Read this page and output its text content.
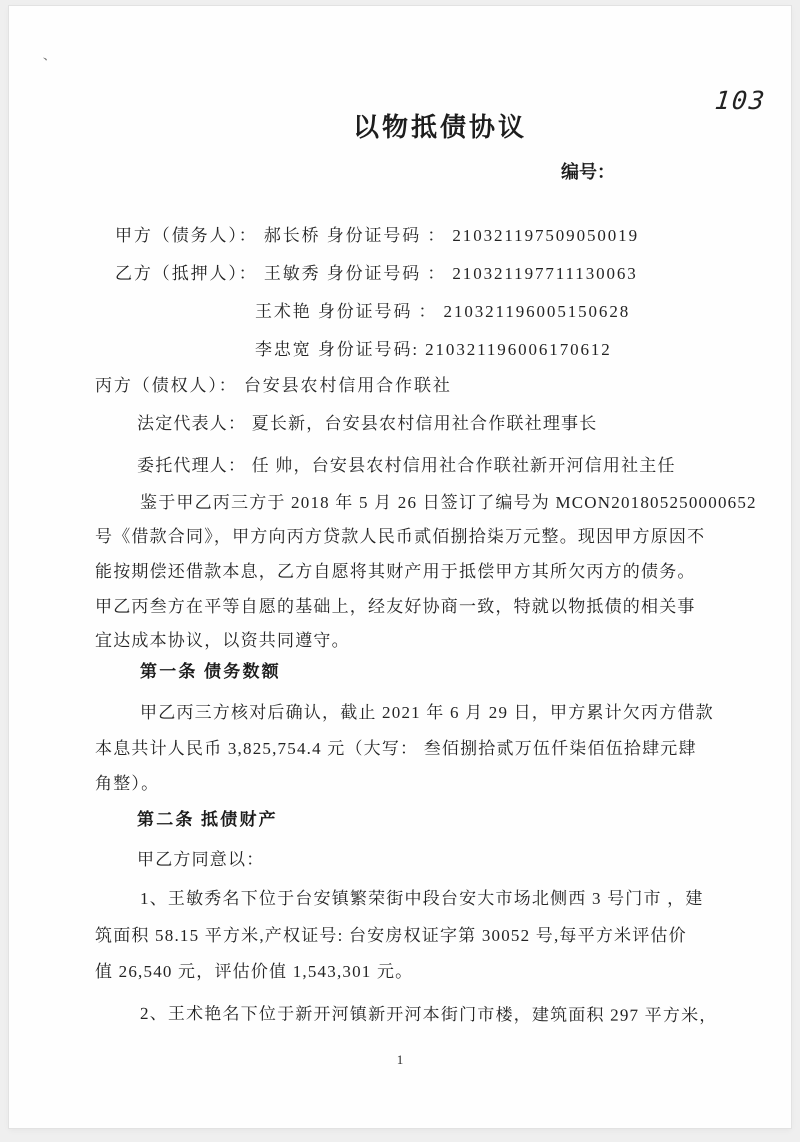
、
103
以物抵债协议
编号：
甲方（债务人）： 郝长桥 身份证号码 ： 210321197509050019
乙方（抵押人）： 王敏秀 身份证号码 ： 210321197711130063
王术艳 身份证号码 ： 210321196005150628
李忠宽 身份证号码: 210321196006170612
丙方（债权人）： 台安县农村信用合作联社
法定代表人： 夏长新，台安县农村信用社合作联社理事长
委托代理人： 任 帅，台安县农村信用社合作联社新开河信用社主任
鉴于甲乙丙三方于 2018 年 5 月 26 日签订了编号为 MCON201805250000652
号《借款合同》，甲方向丙方贷款人民币贰佰捌拾柒万元整。现因甲方原因不
能按期偿还借款本息，乙方自愿将其财产用于抵偿甲方其所欠丙方的债务。
甲乙丙叁方在平等自愿的基础上，经友好协商一致，特就以物抵债的相关事
宜达成本协议，以资共同遵守。
第一条 债务数额
甲乙丙三方核对后确认，截止 2021 年 6 月 29 日，甲方累计欠丙方借款
本息共计人民币 3,825,754.4 元（大写： 叁佰捌拾贰万伍仟柒佰伍拾肆元肆
角整）。
第二条 抵债财产
甲乙方同意以：
1、王敏秀名下位于台安镇繁荣街中段台安大市场北侧西 3 号门市 ，建
筑面积 58.15 平方米,产权证号: 台安房权证字第 30052 号,每平方米评估价
值 26,540 元，评估价值 1,543,301 元。
2、王术艳名下位于新开河镇新开河本街门市楼，建筑面积 297 平方米，
1
